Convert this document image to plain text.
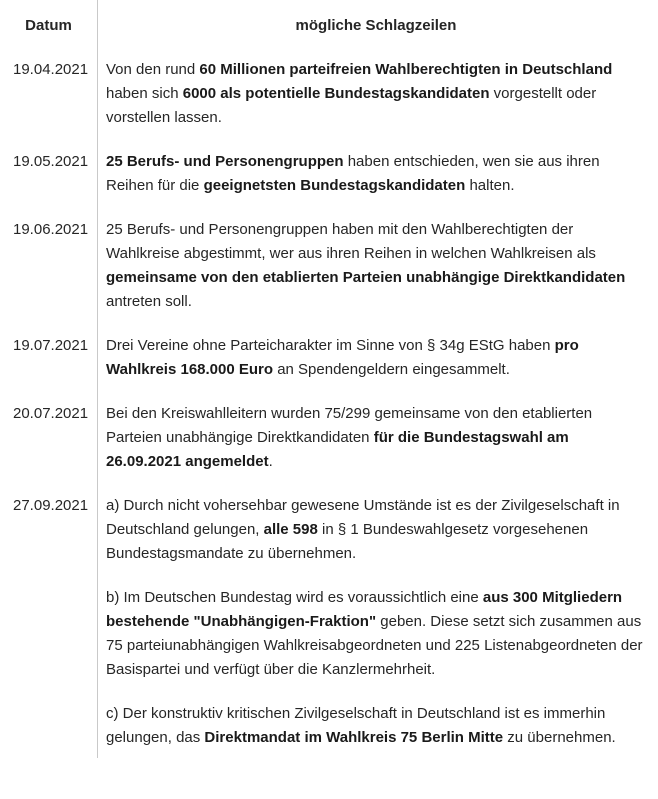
Datum	mögliche Schlagzeilen
19.04.2021	Von den rund 60 Millionen parteifreien Wahlberechtigten in Deutschland haben sich 6000 als potentielle Bundestagskandidaten vorgestellt oder vorstellen lassen.
19.05.2021	25 Berufs- und Personengruppen haben entschieden, wen sie aus ihren Reihen für die geeignetsten Bundestagskandidaten halten.
19.06.2021	25 Berufs- und Personengruppen haben mit den Wahlberechtigten der Wahlkreise abgestimmt, wer aus ihren Reihen in welchen Wahlkreisen als gemeinsame von den etablierten Parteien unabhängige Direktkandidaten antreten soll.
19.07.2021	Drei Vereine ohne Parteicharakter im Sinne von § 34g EStG haben pro Wahlkreis 168.000 Euro an Spendengeldern eingesammelt.
20.07.2021	Bei den Kreiswahlleitern wurden 75/299 gemeinsame von den etablierten Parteien unabhängige Direktkandidaten für die Bundestagswahl am 26.09.2021 angemeldet.
27.09.2021	a) Durch nicht vohersehbar gewesene Umstände ist es der Zivilgeselschaft in Deutschland gelungen, alle 598 in § 1 Bundeswahlgesetz vorgesehenen Bundestagsmandate zu übernehmen.
b) Im Deutschen Bundestag wird es voraussichtlich eine aus 300 Mitgliedern bestehende "Unabhängigen-Fraktion" geben. Diese setzt sich zusammen aus 75 parteiunabhängigen Wahlkreisabgeordneten und 225 Listenabgeordneten der Basispartei und verfügt über die Kanzlermehrheit.
c) Der konstruktiv kritischen Zivilgeselschaft in Deutschland ist es immerhin gelungen, das Direktmandat im Wahlkreis 75 Berlin Mitte zu übernehmen.
